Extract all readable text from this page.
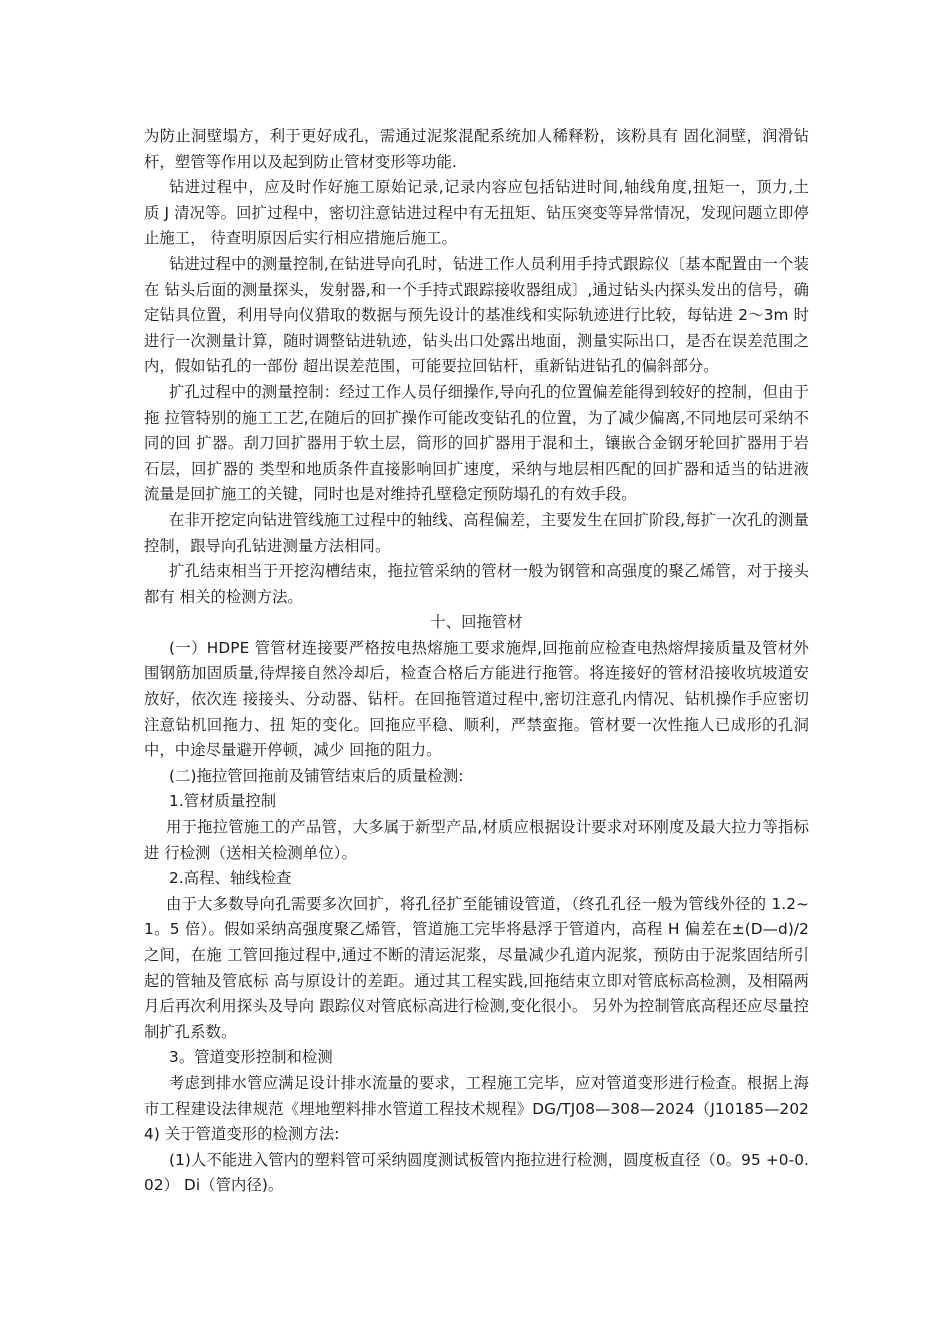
为防止洞壁塌方，利于更好成孔，需通过泥浆混配系统加人稀释粉，该粉具有 固化洞壁，润滑钻杆，塑管等作用以及起到防止管材变形等功能.

钻进过程中，应及时作好施工原始记录,记录内容应包括钻进时间,轴线角度,扭矩一，顶力,土 质 J 清况等。回扩过程中，密切注意钻进过程中有无扭矩、钻压突变等异常情况，发现问题立即停止施工， 待查明原因后实行相应措施后施工。

钻进过程中的测量控制,在钻进导向孔时，钻进工作人员利用手持式跟踪仪〔基本配置由一个装在 钻头后面的测量探头，发射器,和一个手持式跟踪接收器组成〕,通过钻头内探头发出的信号，确定钻具位置，利用导向仪猎取的数据与预先设计的基准线和实际轨迹进行比较，每钻进 2～3m 时进行一次测量计算，随时调整钻进轨迹，钻头出口处露出地面，测量实际出口，是否在误差范围之内，假如钻孔的一部份 超出误差范围，可能要拉回钻杆，重新钻进钻孔的偏斜部分。

扩孔过程中的测量控制：经过工作人员仔细操作,导向孔的位置偏差能得到较好的控制，但由于拖 拉管特别的施工工艺,在随后的回扩操作可能改变钻孔的位置，为了减少偏离,不同地层可采纳不同的回 扩器。刮刀回扩器用于软土层，筒形的回扩器用于混和土，镶嵌合金钢牙轮回扩器用于岩石层，回扩器的 类型和地质条件直接影响回扩速度，采纳与地层相匹配的回扩器和适当的钻进液流量是回扩施工的关键，同时也是对维持孔壁稳定预防塌孔的有效手段。

在非开挖定向钻进管线施工过程中的轴线、高程偏差，主要发生在回扩阶段,每扩一次孔的测量控制，跟导向孔钻进测量方法相同。

扩孔结束相当于开挖沟槽结束，拖拉管采纳的管材一般为钢管和高强度的聚乙烯管，对于接头都有 相关的检测方法。

十、回拖管材

(一）HDPE 管管材连接要严格按电热熔施工要求施焊,回拖前应检查电热熔焊接质量及管材外围钢筋加固质量,待焊接自然冷却后，检查合格后方能进行拖管。将连接好的管材沿接收坑坡道安放好，依次连 接接头、分动器、钻杆。在回拖管道过程中,密切注意孔内情况、钻机操作手应密切注意钻机回拖力、扭 矩的变化。回拖应平稳、顺利，严禁蛮拖。管材要一次性拖人已成形的孔洞中，中途尽量避开停顿，减少 回拖的阻力。

(二)拖拉管回拖前及铺管结束后的质量检测:

1.管材质量控制

用于拖拉管施工的产品管，大多属于新型产品,材质应根据设计要求对环刚度及最大拉力等指标进 行检测（送相关检测单位）。

2.高程、轴线检查

由于大多数导向孔需要多次回扩，将孔径扩至能铺设管道，（终孔孔径一般为管线外径的 1.2~1。5 倍）。假如采纳高强度聚乙烯管，管道施工完毕将悬浮于管道内，高程 H 偏差在±(D—d)/2 之间，在施 工管回拖过程中,通过不断的清运泥浆，尽量减少孔道内泥浆，预防由于泥浆固结所引起的管轴及管底标 高与原设计的差距。通过其工程实践,回拖结束立即对管底标高检测，及相隔两月后再次利用探头及导向 跟踪仪对管底标高进行检测,变化很小。 另外为控制管底高程还应尽量控制扩孔系数。

3。管道变形控制和检测

考虑到排水管应满足设计排水流量的要求，工程施工完毕，应对管道变形进行检查。根据上海市工程建设法律规范《埋地塑料排水管道工程技术规程》DG/TJ08—308—2024（J10185—2024) 关于管道变形的检测方法:

(1)人不能进入管内的塑料管可采纳圆度测试板管内拖拉进行检测，圆度板直径（0。95 +0-0.02） Di（管内径)。
